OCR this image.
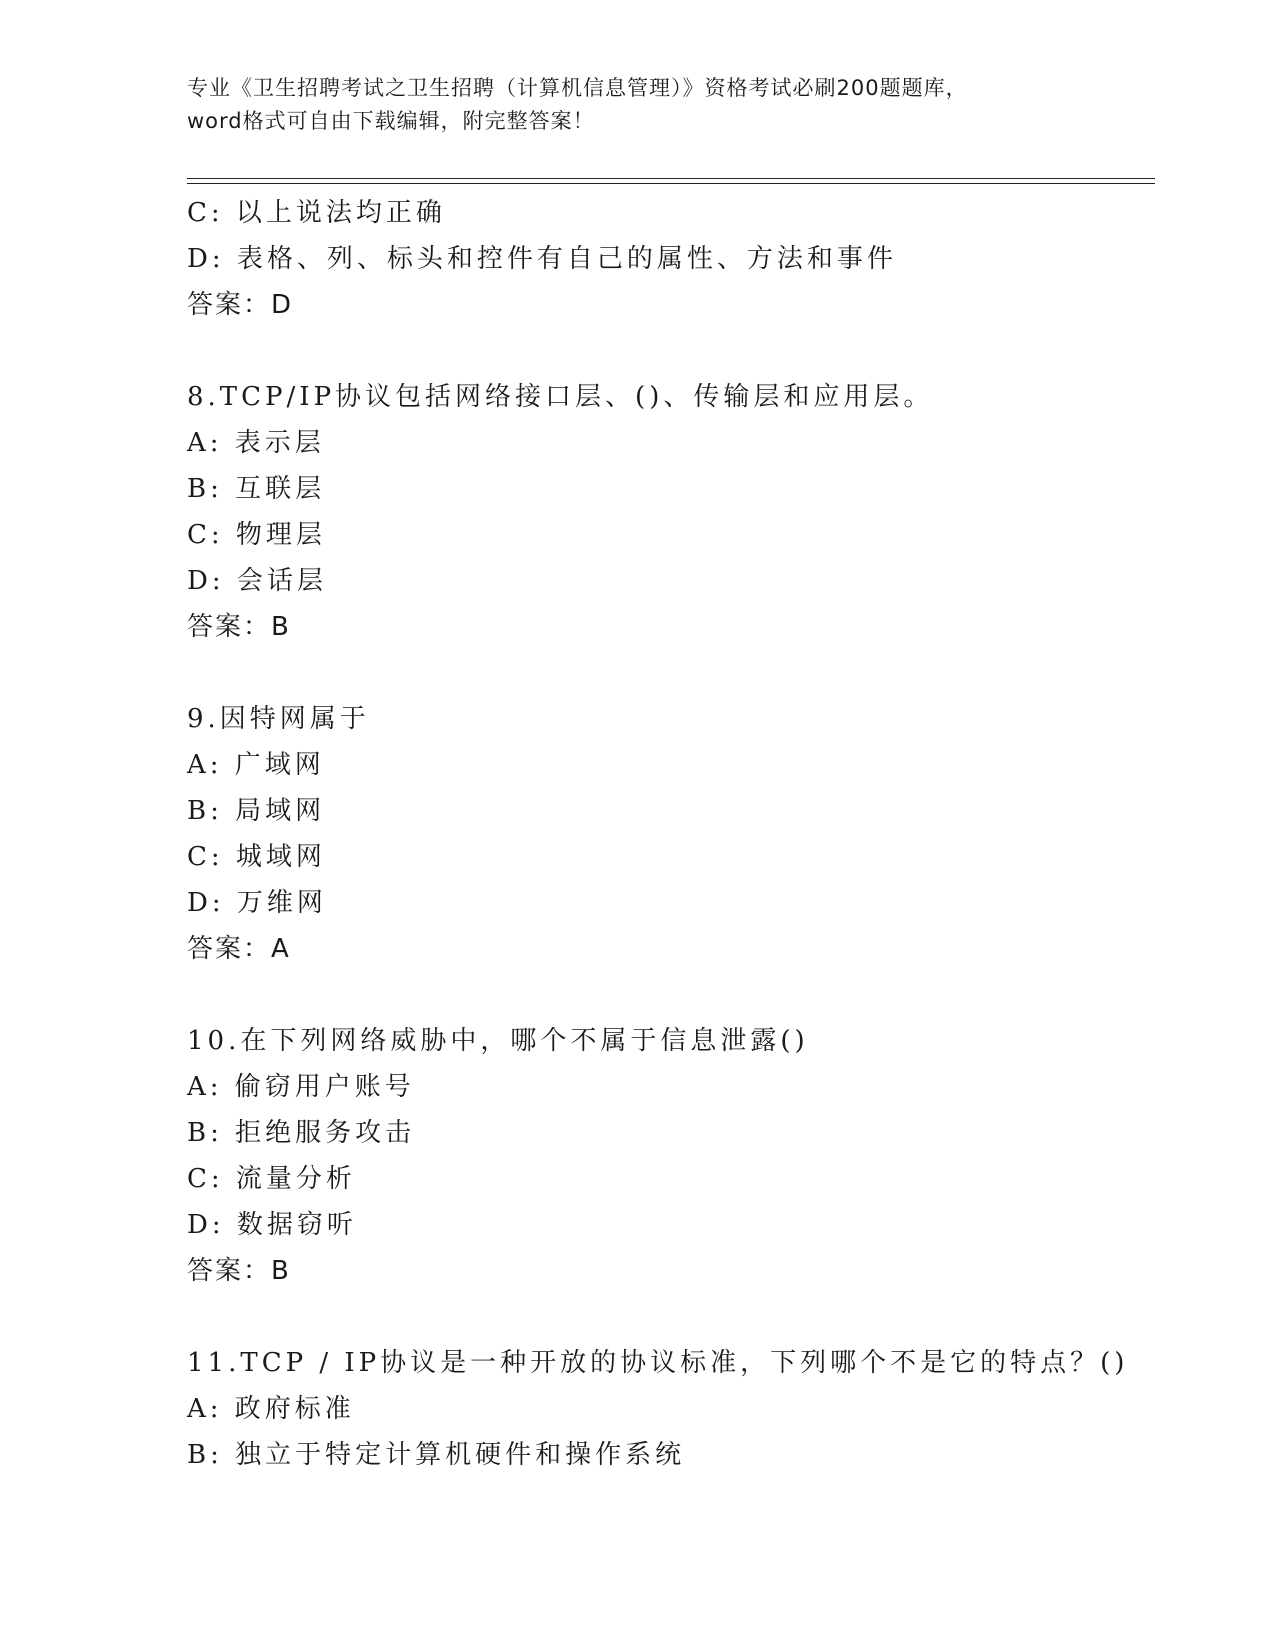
专业《卫生招聘考试之卫生招聘（计算机信息管理）》资格考试必刷200题题库，
word格式可自由下载编辑，附完整答案！
C: 以上说法均正确
D: 表格、列、标头和控件有自己的属性、方法和事件
答案：D
8.TCP/IP协议包括网络接口层、()、传输层和应用层。
A: 表示层
B: 互联层
C: 物理层
D: 会话层
答案：B
9.因特网属于
A: 广域网
B: 局域网
C: 城域网
D: 万维网
答案：A
10.在下列网络威胁中，哪个不属于信息泄露()
A: 偷窃用户账号
B: 拒绝服务攻击
C: 流量分析
D: 数据窃听
答案：B
11.TCP / IP协议是一种开放的协议标准，下列哪个不是它的特点？()
A: 政府标准
B: 独立于特定计算机硬件和操作系统
